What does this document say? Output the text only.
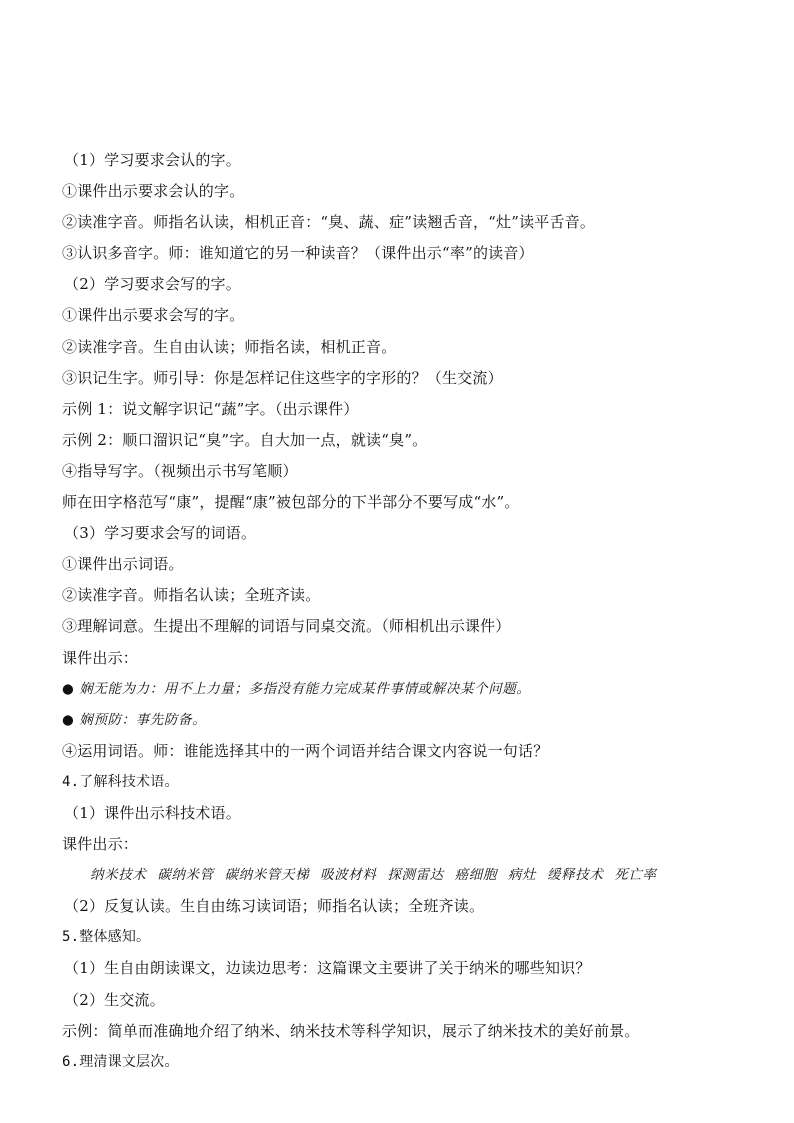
（1）学习要求会认的字。
①课件出示要求会认的字。
②读准字音。师指名认读，相机正音：“臭、蔬、症”读翘舌音，“灶”读平舌音。
③认识多音字。师：谁知道它的另一种读音？（课件出示“率”的读音）
（2）学习要求会写的字。
①课件出示要求会写的字。
②读准字音。生自由认读；师指名读，相机正音。
③识记生字。师引导：你是怎样记住这些字的字形的？（生交流）
示例 1：说文解字识记“蔬”字。（出示课件）
示例 2：顺口溜识记“臭”字。自大加一点，就读“臭”。
④指导写字。（视频出示书写笔顺）
师在田字格范写“康”，提醒“康”被包部分的下半部分不要写成“水”。
（3）学习要求会写的词语。
①课件出示词语。
②读准字音。师指名认读；全班齐读。
③理解词意。生提出不理解的词语与同桌交流。（师相机出示课件）
课件出示：
● 娴无能为力：用不上力量；多指没有能力完成某件事情或解决某个问题。
● 娴预防：事先防备。
④运用词语。师：谁能选择其中的一两个词语并结合课文内容说一句话？
4.了解科技术语。
（1）课件出示科技术语。
课件出示：
纳米技术 碳纳米管 碳纳米管天梯 吸波材料 探测雷达 癌细胞 病灶 缓释技术 死亡率
（2）反复认读。生自由练习读词语；师指名认读；全班齐读。
5.整体感知。
（1）生自由朗读课文，边读边思考：这篇课文主要讲了关于纳米的哪些知识？
（2）生交流。
示例：简单而准确地介绍了纳米、纳米技术等科学知识，展示了纳米技术的美好前景。
6.理清课文层次。
